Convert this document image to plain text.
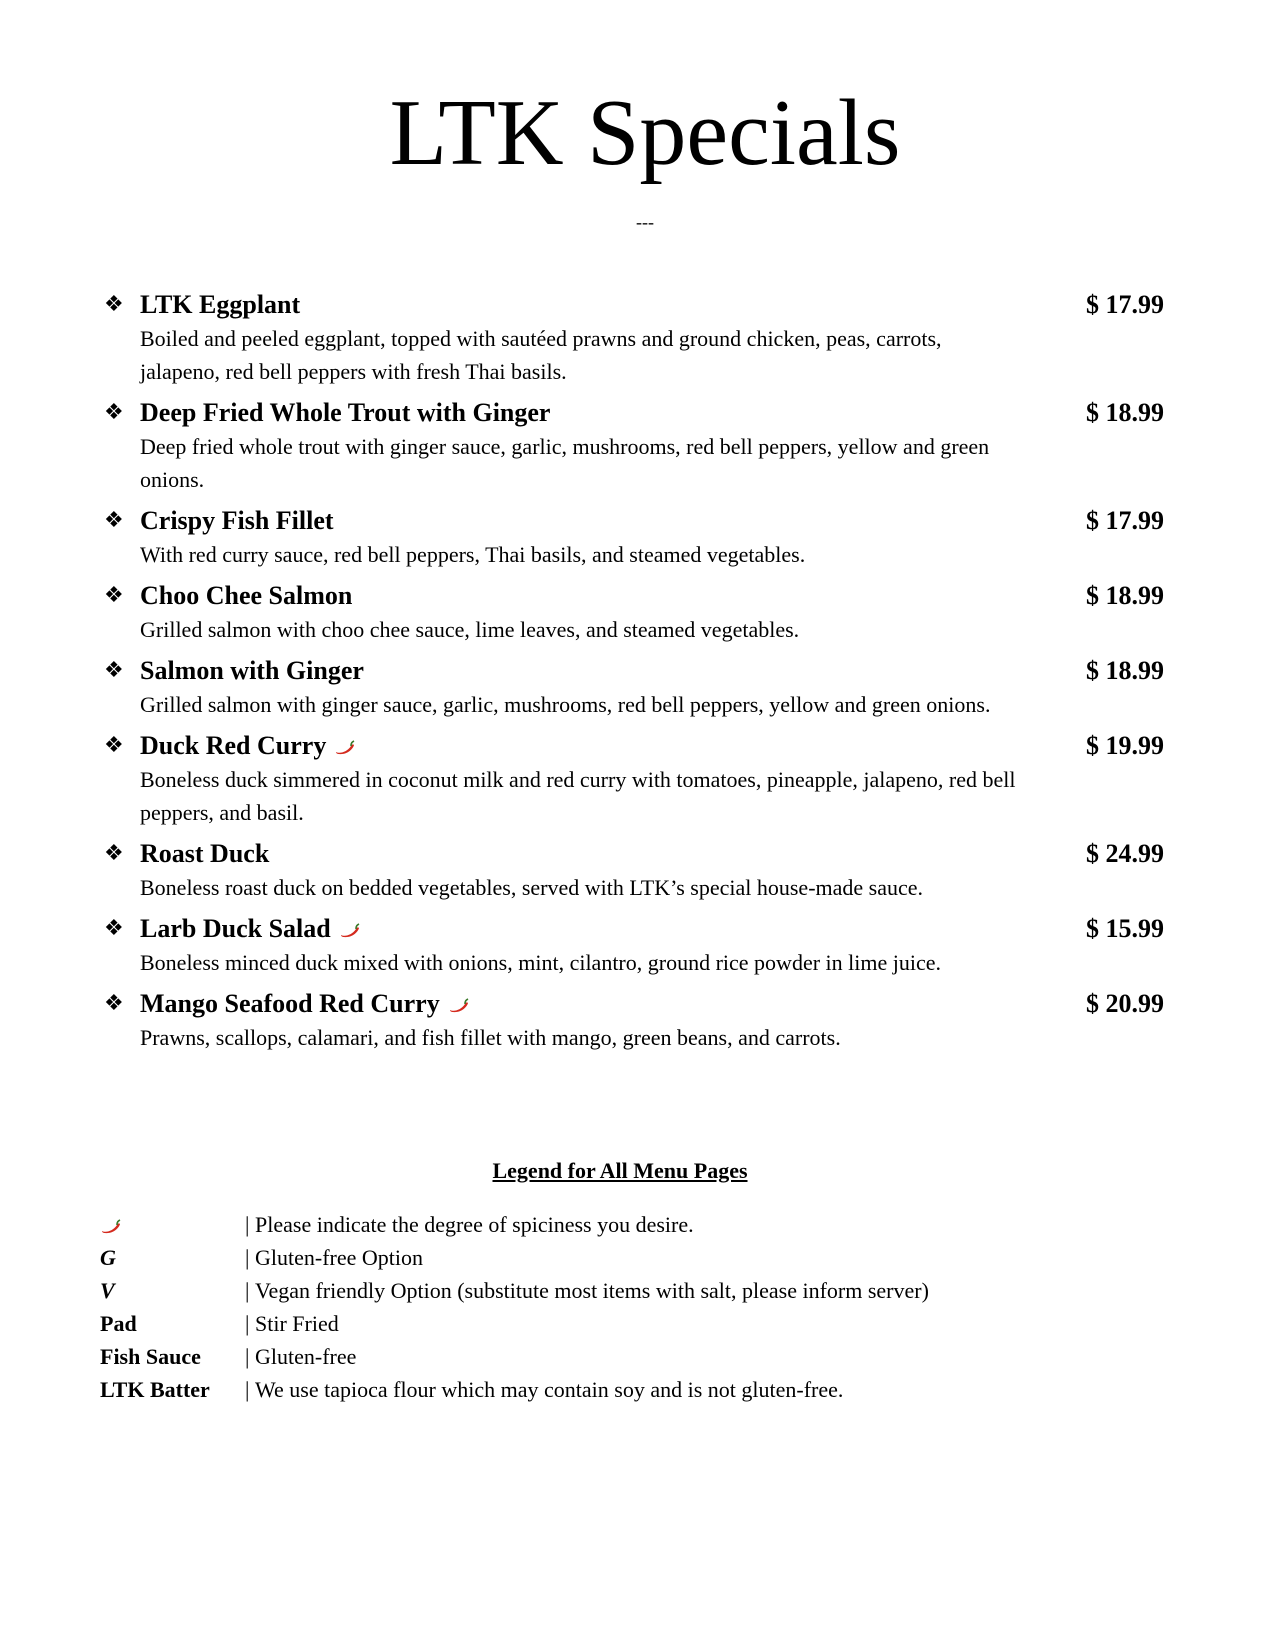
LTK Specials
---
❖ LTK Eggplant	$ 17.99

Boiled and peeled eggplant, topped with sautéed prawns and ground chicken, peas, carrots, jalapeno, red bell peppers with fresh Thai basils.

❖ Deep Fried Whole Trout with Ginger	$ 18.99

Deep fried whole trout with ginger sauce, garlic, mushrooms, red bell peppers, yellow and green onions.

❖ Crispy Fish Fillet	$ 17.99

With red curry sauce, red bell peppers, Thai basils, and steamed vegetables.

❖ Choo Chee Salmon	$ 18.99

Grilled salmon with choo chee sauce, lime leaves, and steamed vegetables.

❖ Salmon with Ginger	$ 18.99

Grilled salmon with ginger sauce, garlic, mushrooms, red bell peppers, yellow and green onions.

❖ Duck Red Curry	$ 19.99

Boneless duck simmered in coconut milk and red curry with tomatoes, pineapple, jalapeno, red bell peppers, and basil.

❖ Roast Duck	$ 24.99

Boneless roast duck on bedded vegetables, served with LTK’s special house-made sauce.

❖ Larb Duck Salad	$ 15.99

Boneless minced duck mixed with onions, mint, cilantro, ground rice powder in lime juice.

❖ Mango Seafood Red Curry	$ 20.99

Prawns, scallops, calamari, and fish fillet with mango, green beans, and carrots.

Legend for All Menu Pages
| Please indicate the degree of spiciness you desire.
G	| Gluten-free Option
V	| Vegan friendly Option (substitute most items with salt, please inform server)
Pad	| Stir Fried
Fish Sauce	| Gluten-free
LTK Batter	| We use tapioca flour which may contain soy and is not gluten-free.
